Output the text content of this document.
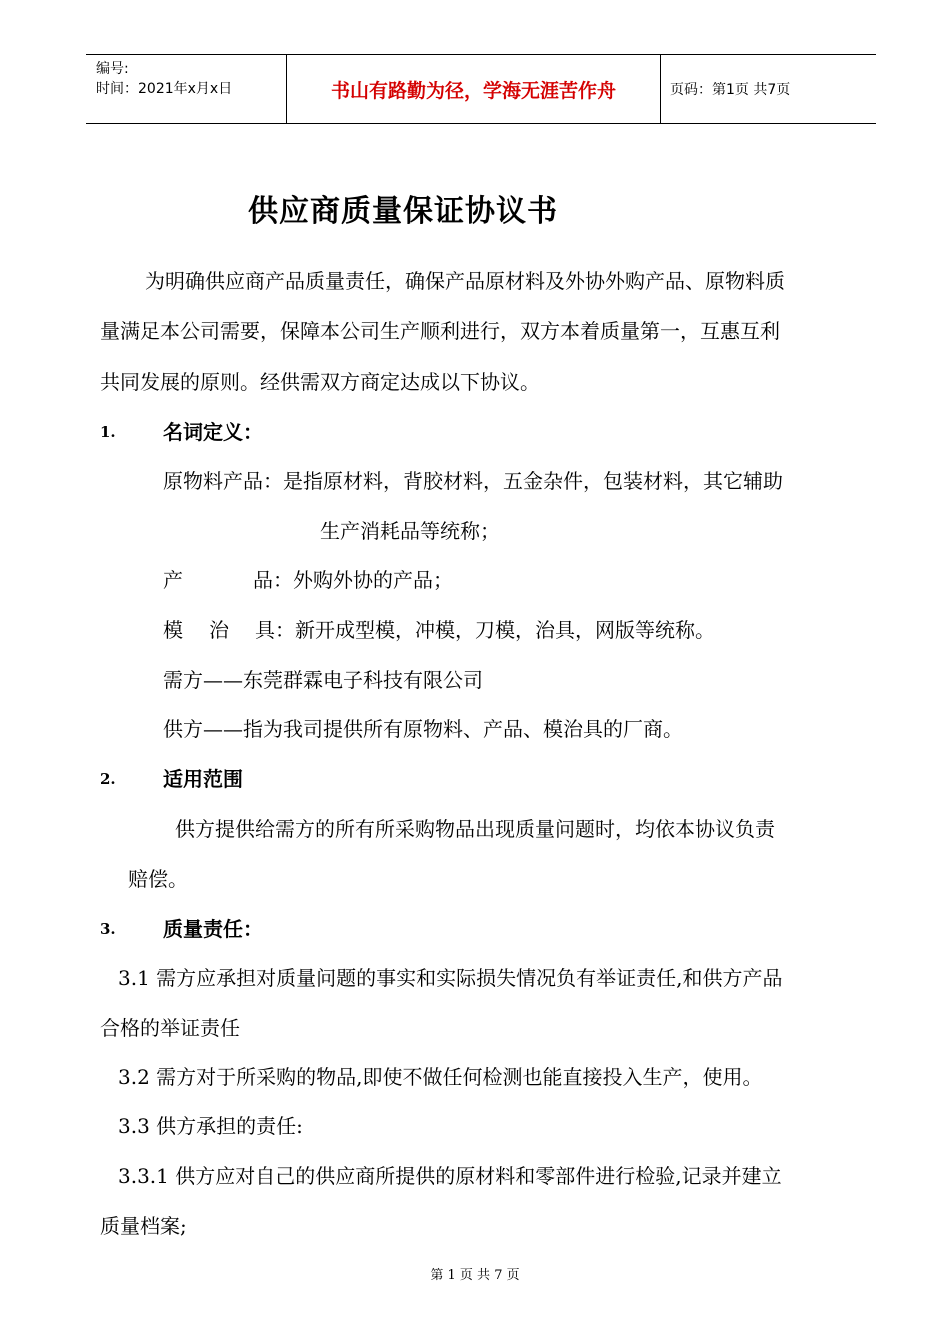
编号:
时间：2021年x月x日	书山有路勤为径，学海无涯苦作舟	页码：第1页 共7页
供应商质量保证协议书
为明确供应商产品质量责任，确保产品原材料及外协外购产品、原物料质
量满足本公司需要，保障本公司生产顺利进行，双方本着质量第一，互惠互利
共同发展的原则。经供需双方商定达成以下协议。
1. 名词定义：
原物料产品：是指原材料，背胶材料，五金杂件，包装材料，其它辅助
生产消耗品等统称；
产	品：外购外协的产品；
模 治 具：新开成型模，冲模，刀模，治具，网版等统称。
需方——东莞群霖电子科技有限公司
供方——指为我司提供所有原物料、产品、模治具的厂商。
2. 适用范围
供方提供给需方的所有所采购物品出现质量问题时，均依本协议负责
赔偿。
3. 质量责任：
3.1 需方应承担对质量问题的事实和实际损失情况负有举证责任,和供方产品
合格的举证责任
3.2 需方对于所采购的物品,即使不做任何检测也能直接投入生产，使用。
3.3 供方承担的责任:
3.3.1 供方应对自己的供应商所提供的原材料和零部件进行检验,记录并建立
质量档案;
第 1 页 共 7 页
